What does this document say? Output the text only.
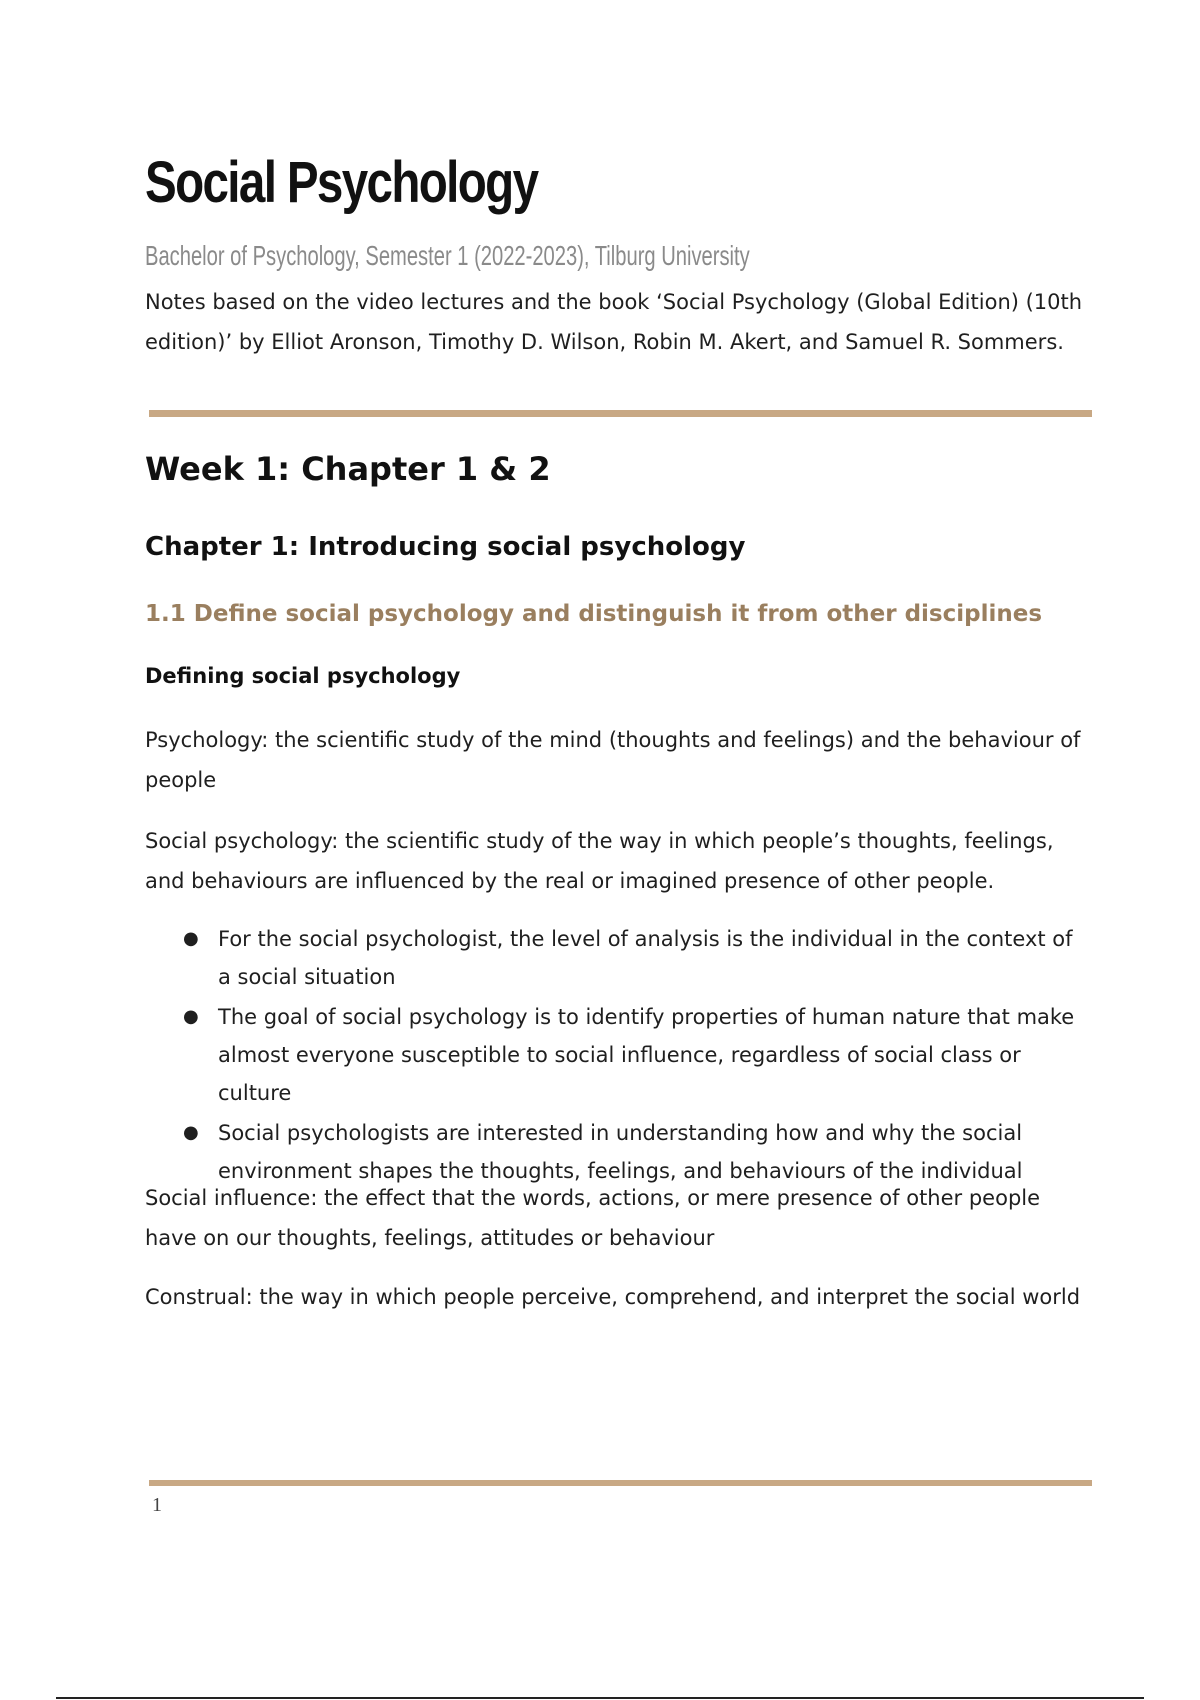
Social Psychology
Bachelor of Psychology, Semester 1 (2022-2023), Tilburg University

Notes based on the video lectures and the book ‘Social Psychology (Global Edition) (10th edition)’ by Elliot Aronson, Timothy D. Wilson, Robin M. Akert, and Samuel R. Sommers.

Week 1: Chapter 1 & 2
Chapter 1: Introducing social psychology
1.1 Define social psychology and distinguish it from other disciplines
Defining social psychology

Psychology: the scientific study of the mind (thoughts and feelings) and the behaviour of people

Social psychology: the scientific study of the way in which people’s thoughts, feelings, and behaviours are influenced by the real or imagined presence of other people.

● For the social psychologist, the level of analysis is the individual in the context of a social situation
● The goal of social psychology is to identify properties of human nature that make almost everyone susceptible to social influence, regardless of social class or culture
● Social psychologists are interested in understanding how and why the social environment shapes the thoughts, feelings, and behaviours of the individual

Social influence: the effect that the words, actions, or mere presence of other people have on our thoughts, feelings, attitudes or behaviour

Construal: the way in which people perceive, comprehend, and interpret the social world

1
